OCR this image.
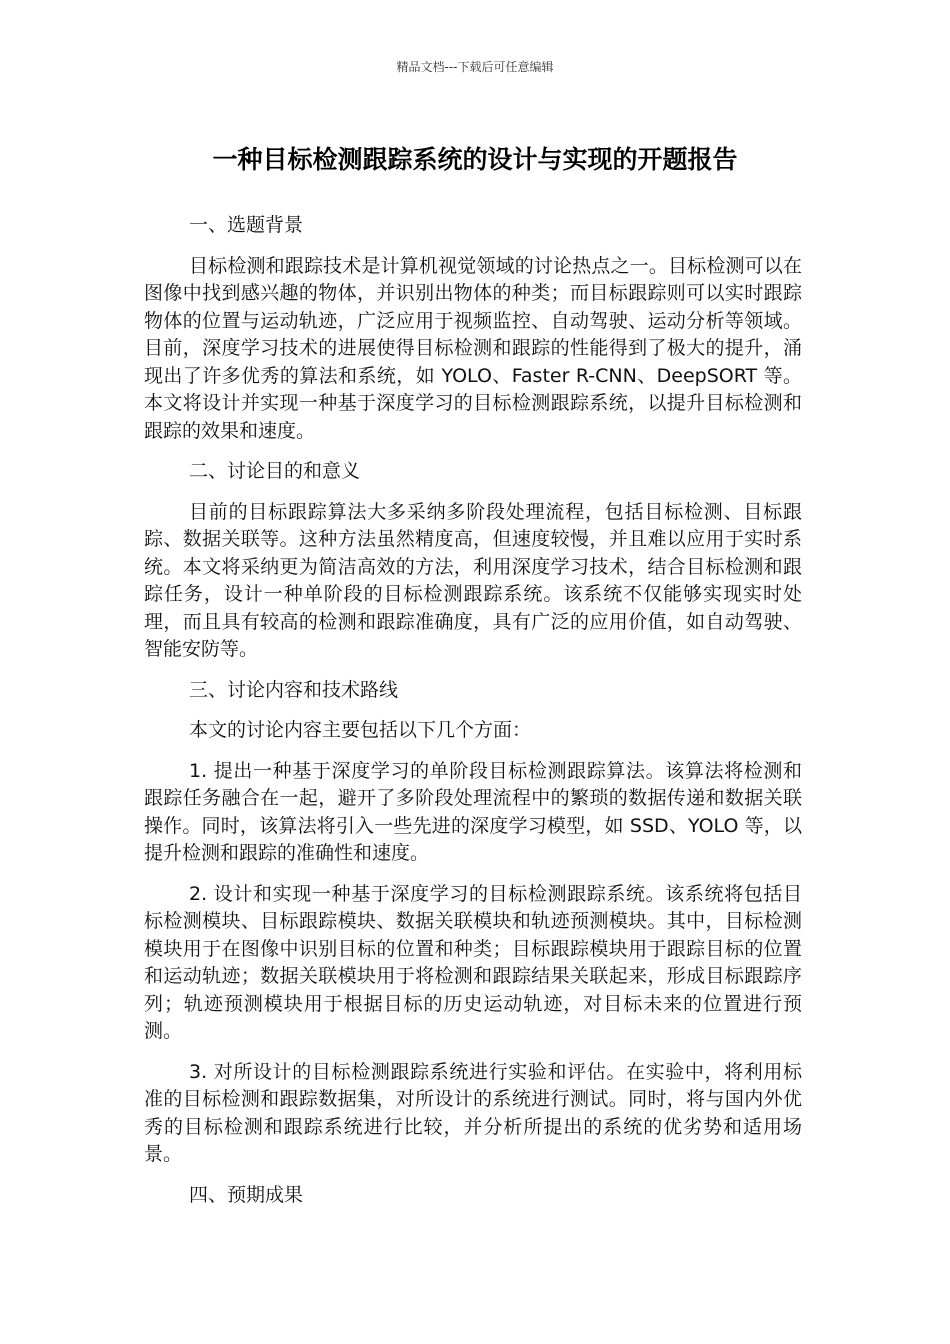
精品文档---下载后可任意编辑
一种目标检测跟踪系统的设计与实现的开题报告
一、选题背景

目标检测和跟踪技术是计算机视觉领域的讨论热点之一。目标检测可以在图像中找到感兴趣的物体，并识别出物体的种类；而目标跟踪则可以实时跟踪物体的位置与运动轨迹，广泛应用于视频监控、自动驾驶、运动分析等领域。目前，深度学习技术的进展使得目标检测和跟踪的性能得到了极大的提升，涌现出了许多优秀的算法和系统，如 YOLO、Faster R-CNN、DeepSORT 等。本文将设计并实现一种基于深度学习的目标检测跟踪系统，以提升目标检测和跟踪的效果和速度。

二、讨论目的和意义

目前的目标跟踪算法大多采纳多阶段处理流程，包括目标检测、目标跟踪、数据关联等。这种方法虽然精度高，但速度较慢，并且难以应用于实时系统。本文将采纳更为简洁高效的方法，利用深度学习技术，结合目标检测和跟踪任务，设计一种单阶段的目标检测跟踪系统。该系统不仅能够实现实时处理，而且具有较高的检测和跟踪准确度，具有广泛的应用价值，如自动驾驶、智能安防等。

三、讨论内容和技术路线

本文的讨论内容主要包括以下几个方面：

1. 提出一种基于深度学习的单阶段目标检测跟踪算法。该算法将检测和跟踪任务融合在一起，避开了多阶段处理流程中的繁琐的数据传递和数据关联操作。同时，该算法将引入一些先进的深度学习模型，如 SSD、YOLO 等，以提升检测和跟踪的准确性和速度。

2. 设计和实现一种基于深度学习的目标检测跟踪系统。该系统将包括目标检测模块、目标跟踪模块、数据关联模块和轨迹预测模块。其中，目标检测模块用于在图像中识别目标的位置和种类；目标跟踪模块用于跟踪目标的位置和运动轨迹；数据关联模块用于将检测和跟踪结果关联起来，形成目标跟踪序列；轨迹预测模块用于根据目标的历史运动轨迹，对目标未来的位置进行预测。

3. 对所设计的目标检测跟踪系统进行实验和评估。在实验中，将利用标准的目标检测和跟踪数据集，对所设计的系统进行测试。同时，将与国内外优秀的目标检测和跟踪系统进行比较，并分析所提出的系统的优劣势和适用场景。

四、预期成果
